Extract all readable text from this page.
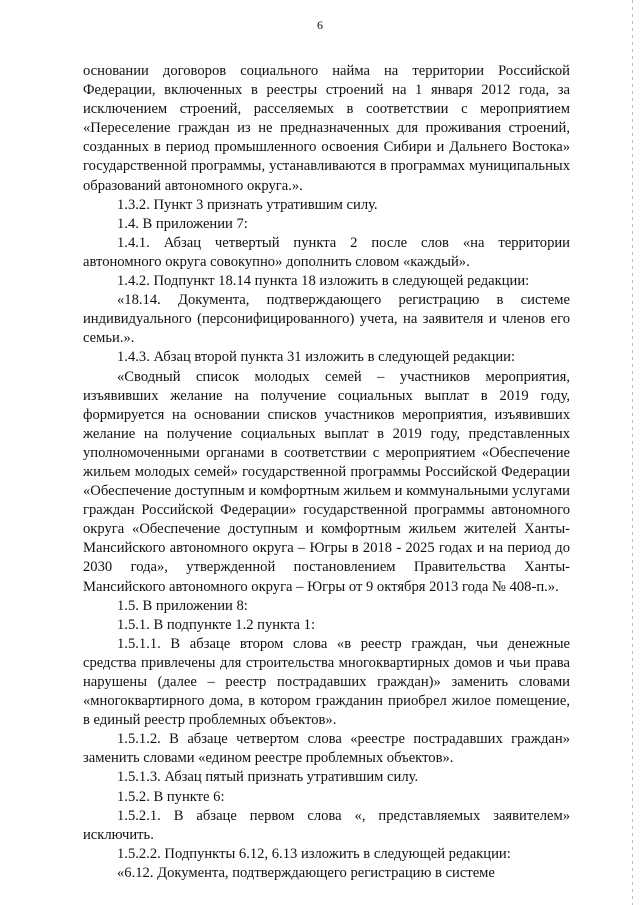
6

основании договоров социального найма на территории Российской Федерации, включенных в реестры строений на 1 января 2012 года, за исключением строений, расселяемых в соответствии с мероприятием «Переселение граждан из не предназначенных для проживания строений, созданных в период промышленного освоения Сибири и Дальнего Востока» государственной программы, устанавливаются в программах муниципальных образований автономного округа.».

1.3.2. Пункт 3 признать утратившим силу.

1.4. В приложении 7:

1.4.1. Абзац четвертый пункта 2 после слов «на территории автономного округа совокупно» дополнить словом «каждый».

1.4.2. Подпункт 18.14 пункта 18 изложить в следующей редакции:

«18.14. Документа, подтверждающего регистрацию в системе индивидуального (персонифицированного) учета, на заявителя и членов его семьи.».

1.4.3. Абзац второй пункта 31 изложить в следующей редакции:

«Сводный список молодых семей – участников мероприятия, изъявивших желание на получение социальных выплат в 2019 году, формируется на основании списков участников мероприятия, изъявивших желание на получение социальных выплат в 2019 году, представленных уполномоченными органами в соответствии с мероприятием «Обеспечение жильем молодых семей» государственной программы Российской Федерации «Обеспечение доступным и комфортным жильем и коммунальными услугами граждан Российской Федерации» государственной программы автономного округа «Обеспечение доступным и комфортным жильем жителей Ханты-Мансийского автономного округа – Югры в 2018 - 2025 годах и на период до 2030 года», утвержденной постановлением Правительства Ханты-Мансийского автономного округа – Югры от 9 октября 2013 года № 408-п.».

1.5. В приложении 8:

1.5.1. В подпункте 1.2 пункта 1:

1.5.1.1. В абзаце втором слова «в реестр граждан, чьи денежные средства привлечены для строительства многоквартирных домов и чьи права нарушены (далее – реестр пострадавших граждан)» заменить словами «многоквартирного дома, в котором гражданин приобрел жилое помещение, в единый реестр проблемных объектов».

1.5.1.2. В абзаце четвертом слова «реестре пострадавших граждан» заменить словами «едином реестре проблемных объектов».

1.5.1.3. Абзац пятый признать утратившим силу.

1.5.2. В пункте 6:

1.5.2.1. В абзаце первом слова «, представляемых заявителем» исключить.

1.5.2.2. Подпункты 6.12, 6.13 изложить в следующей редакции:

«6.12. Документа, подтверждающего регистрацию в системе
